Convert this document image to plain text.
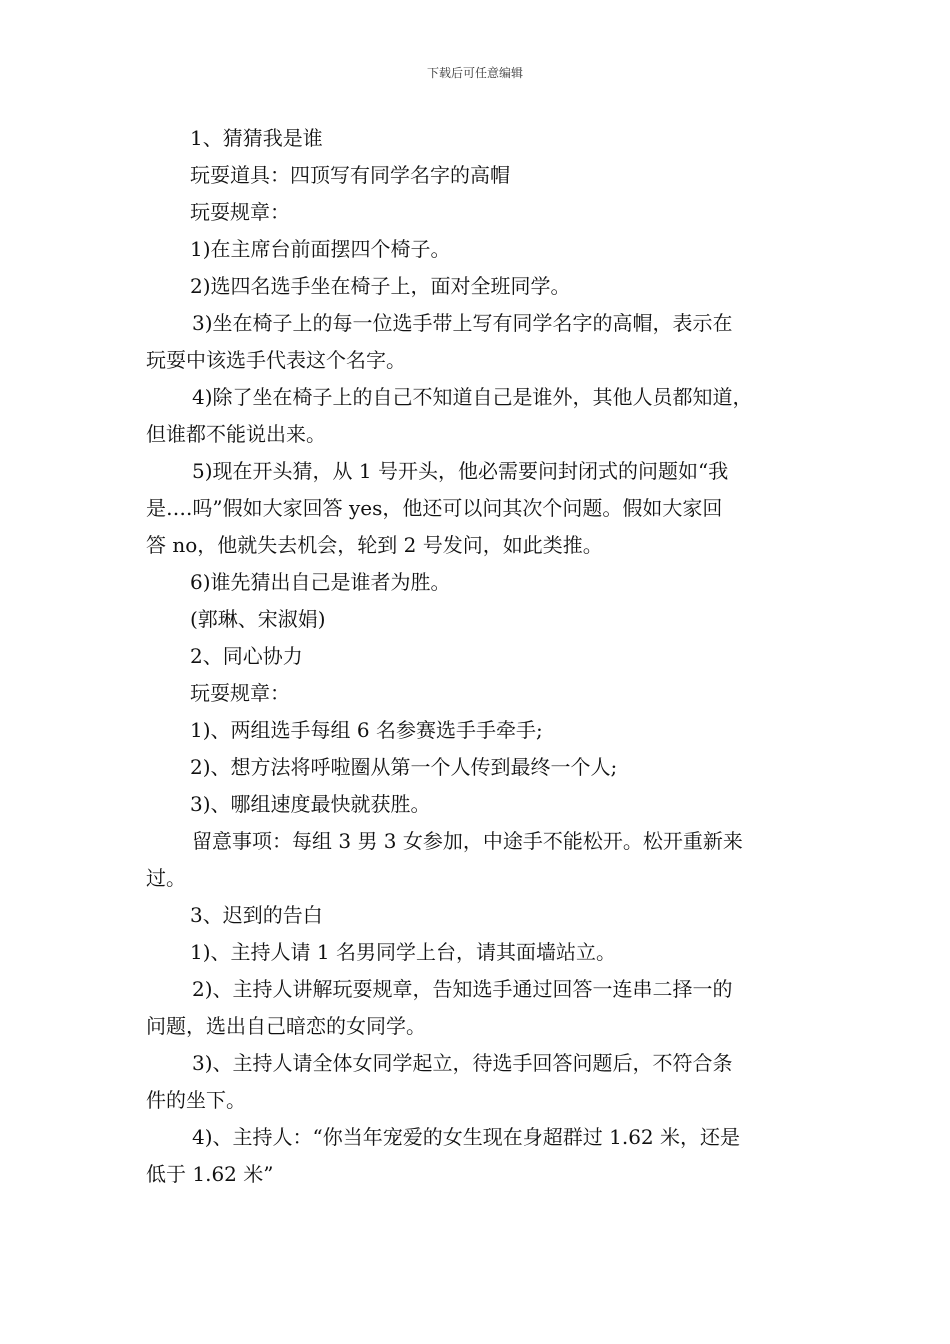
下载后可任意编辑
1、猜猜我是谁
玩耍道具：四顶写有同学名字的高帽
玩耍规章：
1)在主席台前面摆四个椅子。
2)选四名选手坐在椅子上，面对全班同学。
3)坐在椅子上的每一位选手带上写有同学名字的高帽，表示在
玩耍中该选手代表这个名字。
4)除了坐在椅子上的自己不知道自己是谁外，其他人员都知道，
但谁都不能说出来。
5)现在开头猜，从 1 号开头，他必需要问封闭式的问题如“我
是….吗”假如大家回答 yes，他还可以问其次个问题。假如大家回
答 no，他就失去机会，轮到 2 号发问，如此类推。
6)谁先猜出自己是谁者为胜。
(郭琳、宋淑娟)
2、同心协力
玩耍规章：
1)、两组选手每组 6 名参赛选手手牵手;
2)、想方法将呼啦圈从第一个人传到最终一个人;
3)、哪组速度最快就获胜。
留意事项：每组 3 男 3 女参加，中途手不能松开。松开重新来
过。
3、迟到的告白
1)、主持人请 1 名男同学上台，请其面墙站立。
2)、主持人讲解玩耍规章，告知选手通过回答一连串二择一的
问题，选出自己暗恋的女同学。
3)、主持人请全体女同学起立，待选手回答问题后，不符合条
件的坐下。
4)、主持人：“你当年宠爱的女生现在身超群过 1.62 米，还是
低于 1.62 米”
